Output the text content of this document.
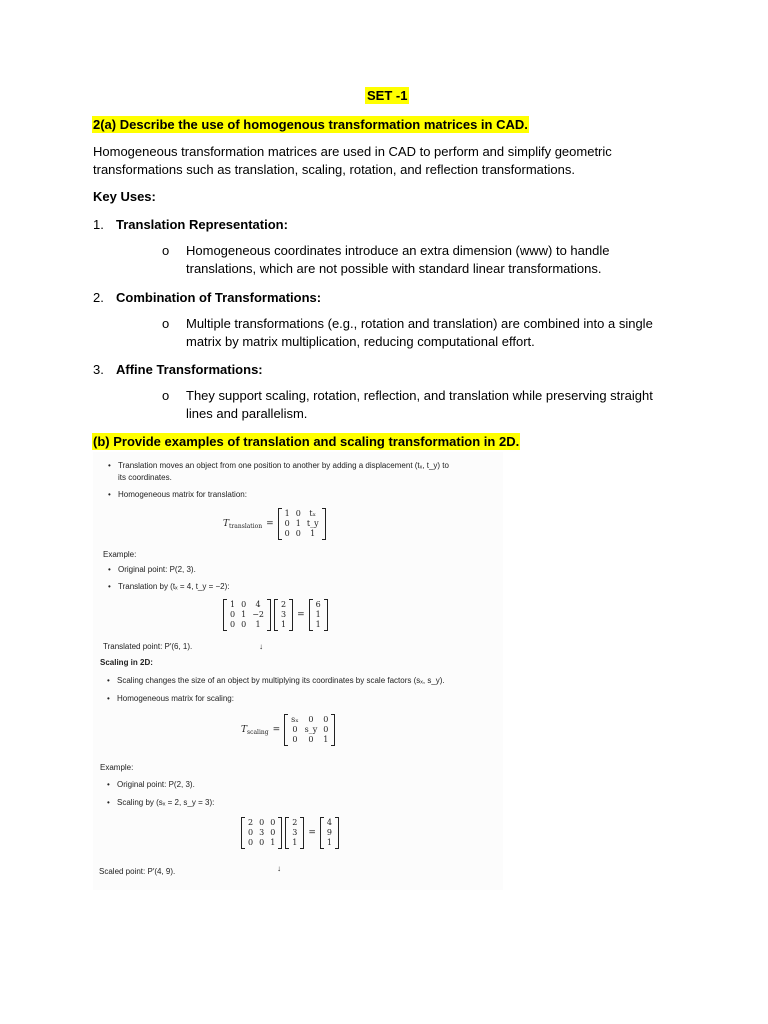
SET -1
2(a) Describe the use of homogenous transformation matrices in CAD.
Homogeneous transformation matrices are used in CAD to perform and simplify geometric transformations such as translation, scaling, rotation, and reflection transformations.
Key Uses:
1. Translation Representation:
o Homogeneous coordinates introduce an extra dimension (www) to handle translations, which are not possible with standard linear transformations.
2. Combination of Transformations:
o Multiple transformations (e.g., rotation and translation) are combined into a single matrix by matrix multiplication, reducing computational effort.
3. Affine Transformations:
o They support scaling, rotation, reflection, and translation while preserving straight lines and parallelism.
(b) Provide examples of translation and scaling transformation in 2D.
• Translation moves an object from one position to another by adding a displacement (tₓ, t_y) to
its coordinates.
• Homogeneous matrix for translation:
T translation =
1	0	tₓ
0	1	t_y
0	0	1
Example:
• Original point: P(2, 3).
• Translation by (tₓ = 4, t_y = −2):
1	0	4
0	1	−2
0	0	1
2
3
1
=
6
1
1
Translated point: P′(6, 1).	↓
Scaling in 2D:
• Scaling changes the size of an object by multiplying its coordinates by scale factors (sₓ, s_y).
• Homogeneous matrix for scaling:
T scaling =
sₓ	0	0
0	s_y	0
0	0	1
Example:
• Original point: P(2, 3).
• Scaling by (sₓ = 2, s_y = 3):
2	0	0
0	3	0
0	0	1
2
3
1
=
4
9
1
Scaled point: P′(4, 9).	↓
